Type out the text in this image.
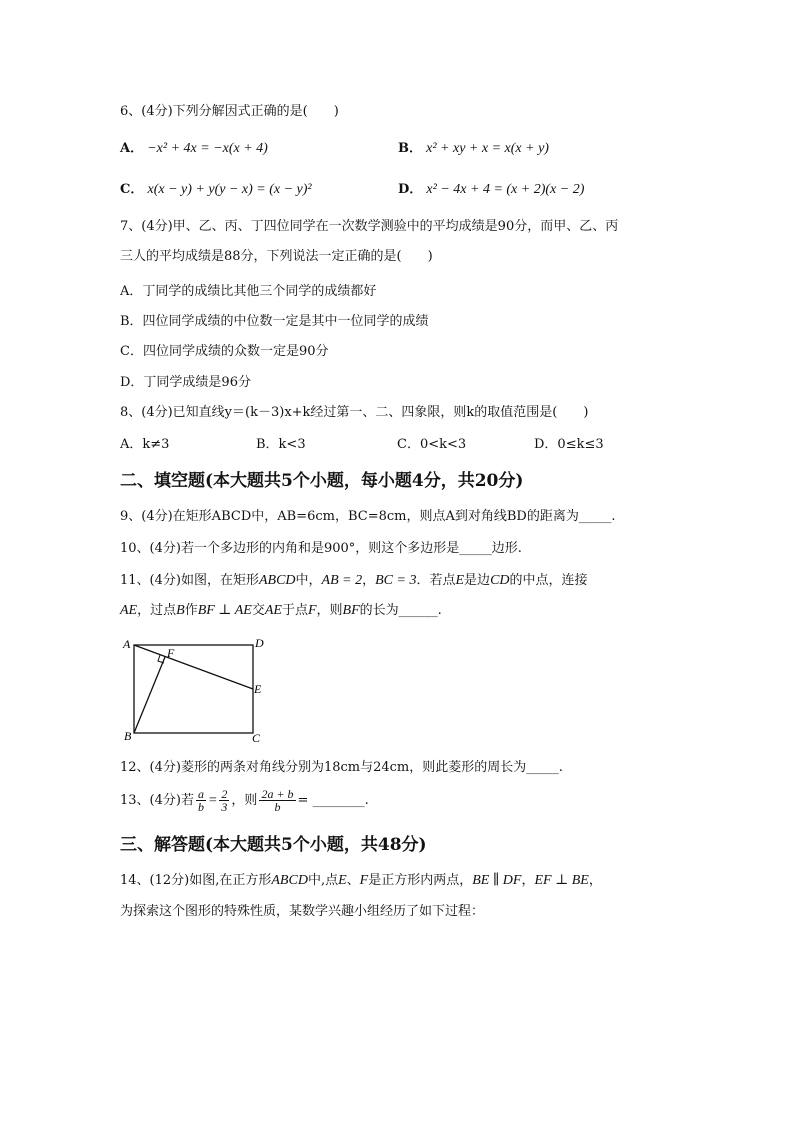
6、(4分)下列分解因式正确的是(　　)
A． −x² + 4x = −x(x + 4)	B． x² + xy + x = x(x + y)
C． x(x − y) + y(y − x) = (x − y)²	D． x² − 4x + 4 = (x + 2)(x − 2)
7、(4分)甲、乙、丙、丁四位同学在一次数学测验中的平均成绩是90分，而甲、乙、丙
三人的平均成绩是88分，下列说法一定正确的是(　　)
A．丁同学的成绩比其他三个同学的成绩都好
B．四位同学成绩的中位数一定是其中一位同学的成绩
C．四位同学成绩的众数一定是90分
D．丁同学成绩是96分
8、(4分)已知直线y＝(k－3)x+k经过第一、二、四象限，则k的取值范围是(　　)
A．k≠3	B．k<3	C．0<k<3	D．0≤k≤3
二、填空题(本大题共5个小题，每小题4分，共20分)
9、(4分)在矩形ABCD中，AB=6cm，BC=8cm，则点A到对角线BD的距离为_____.
10、(4分)若一个多边形的内角和是900°，则这个多边形是_____边形.
11、(4分)如图，在矩形ABCD中，AB = 2，BC = 3．若点E是边CD的中点，连接
AE，过点B作BF ⊥ AE交AE于点F，则BF的长为______.
A	D
F
E
B	C
12、(4分)菱形的两条对角线分别为18cm与24cm，则此菱形的周长为_____.
13、(4分)若 $\frac{a}{b} = \frac{2}{3}$ ，则 $\frac{2a + b}{b}$ = ________.
三、解答题(本大题共5个小题，共48分)
14、(12分)如图,在正方形ABCD中,点E、F是正方形内两点，BE ∥ DF，EF ⊥ BE，
为探索这个图形的特殊性质，某数学兴趣小组经历了如下过程：
